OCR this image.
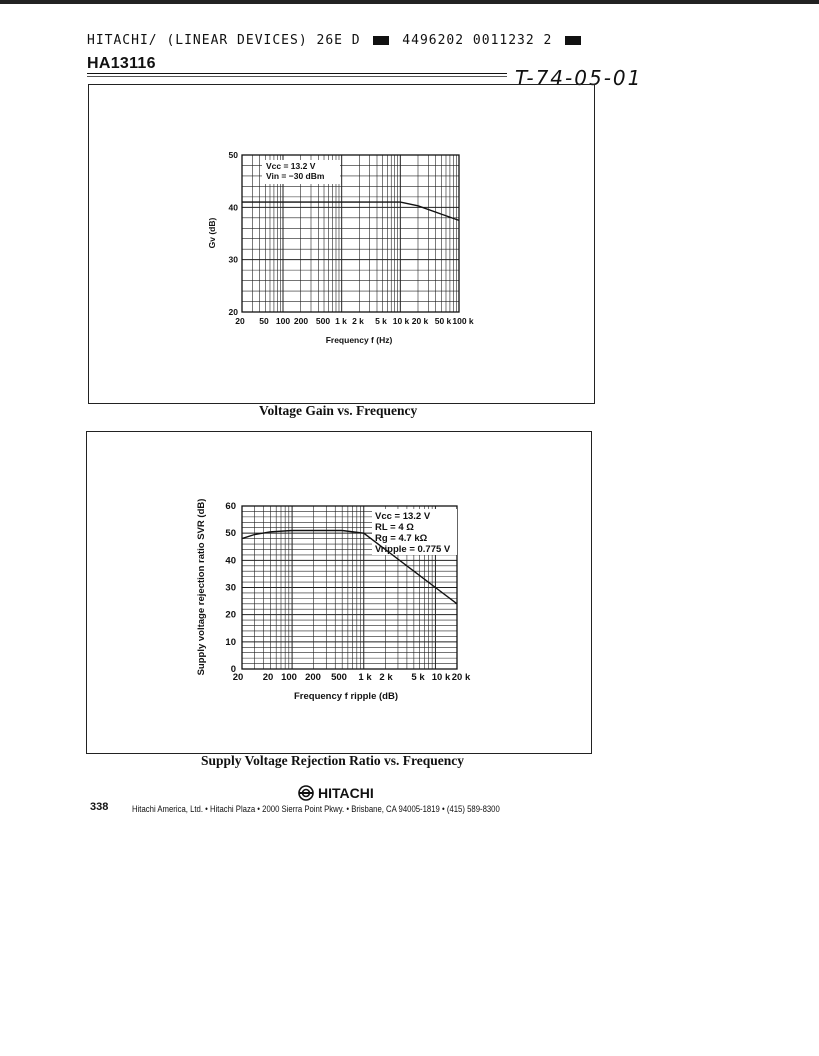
HITACHI/ (LINEAR DEVICES) 26E D	4496202 0011232 2
HA13116
T-74-05-01
Vcc = 13.2 V
Vin = −30 dBm
50
40
30
20
20 50 100 200 500 1 k 2 k 5 k 10 k 20 k 50 k 100 k
Frequency f (Hz)
Gv (dB)
Voltage Gain vs. Frequency
Vcc = 13.2 V
RL = 4 Ω
Rg = 4.7 kΩ
Vripple = 0.775 V
60
50
40
30
20
10
0
20 20 100 200 500 1 k 2 k 5 k 10 k 20 k
Frequency f ripple (dB)
Supply voltage rejection ratio SVR (dB)
Supply Voltage Rejection Ratio vs. Frequency
HITACHI
338	Hitachi America, Ltd. • Hitachi Plaza • 2000 Sierra Point Pkwy. • Brisbane, CA 94005-1819 • (415) 589-8300
